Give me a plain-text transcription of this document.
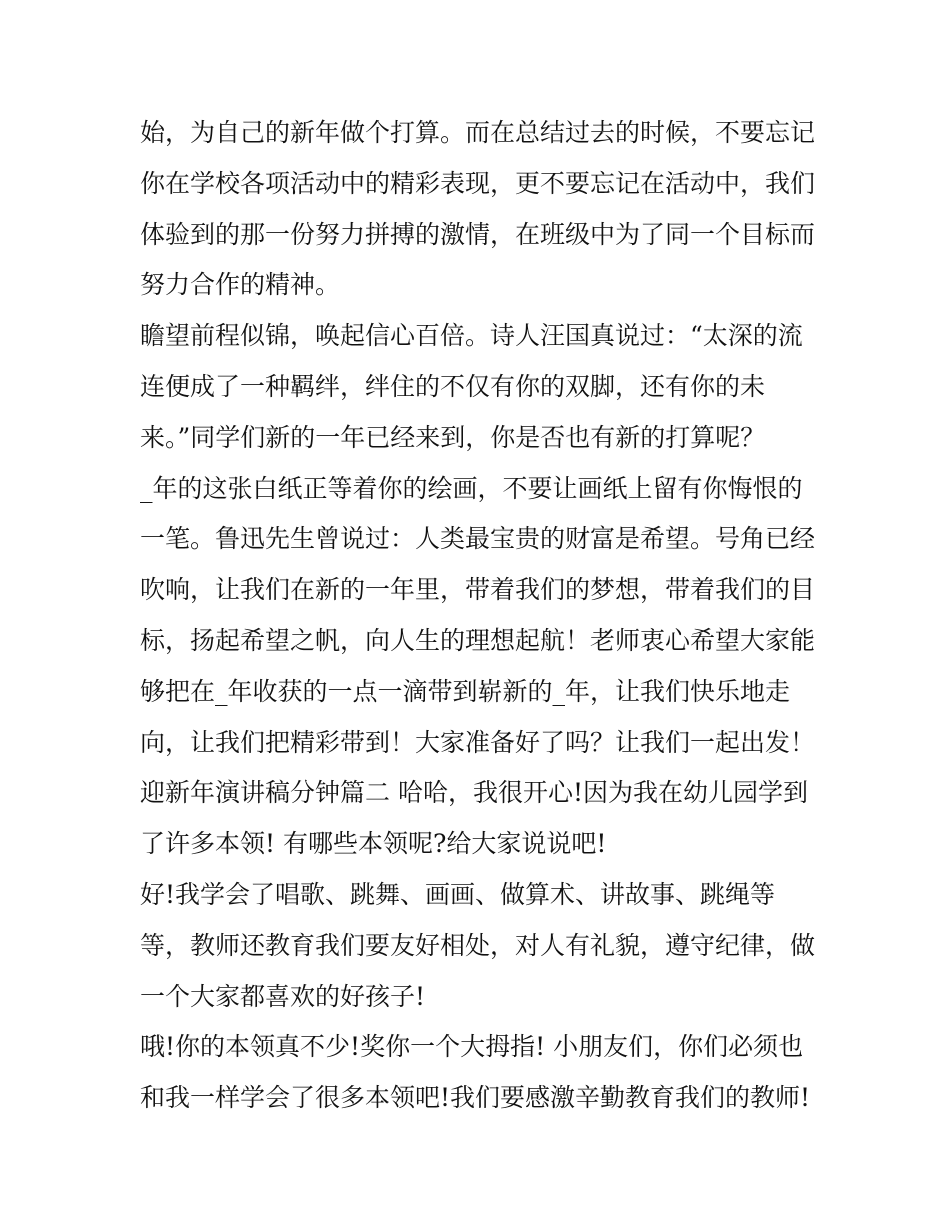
始，为自己的新年做个打算。而在总结过去的时候，不要忘记
你在学校各项活动中的精彩表现，更不要忘记在活动中，我们
体验到的那一份努力拼搏的激情，在班级中为了同一个目标而
努力合作的精神。
瞻望前程似锦，唤起信心百倍。诗人汪国真说过：“太深的流
连便成了一种羁绊，绊住的不仅有你的双脚，还有你的未
来。”同学们新的一年已经来到，你是否也有新的打算呢？
_年的这张白纸正等着你的绘画，不要让画纸上留有你悔恨的
一笔。鲁迅先生曾说过：人类最宝贵的财富是希望。号角已经
吹响，让我们在新的一年里，带着我们的梦想，带着我们的目
标，扬起希望之帆，向人生的理想起航！老师衷心希望大家能
够把在_年收获的一点一滴带到崭新的_年，让我们快乐地走
向，让我们把精彩带到！大家准备好了吗？让我们一起出发！
迎新年演讲稿分钟篇二 哈哈，我很开心!因为我在幼儿园学到
了许多本领! 有哪些本领呢?给大家说说吧!
好!我学会了唱歌、跳舞、画画、做算术、讲故事、跳绳等
等，教师还教育我们要友好相处，对人有礼貌，遵守纪律，做
一个大家都喜欢的好孩子!
哦!你的本领真不少!奖你一个大拇指! 小朋友们，你们必须也
和我一样学会了很多本领吧!我们要感激辛勤教育我们的教师!
